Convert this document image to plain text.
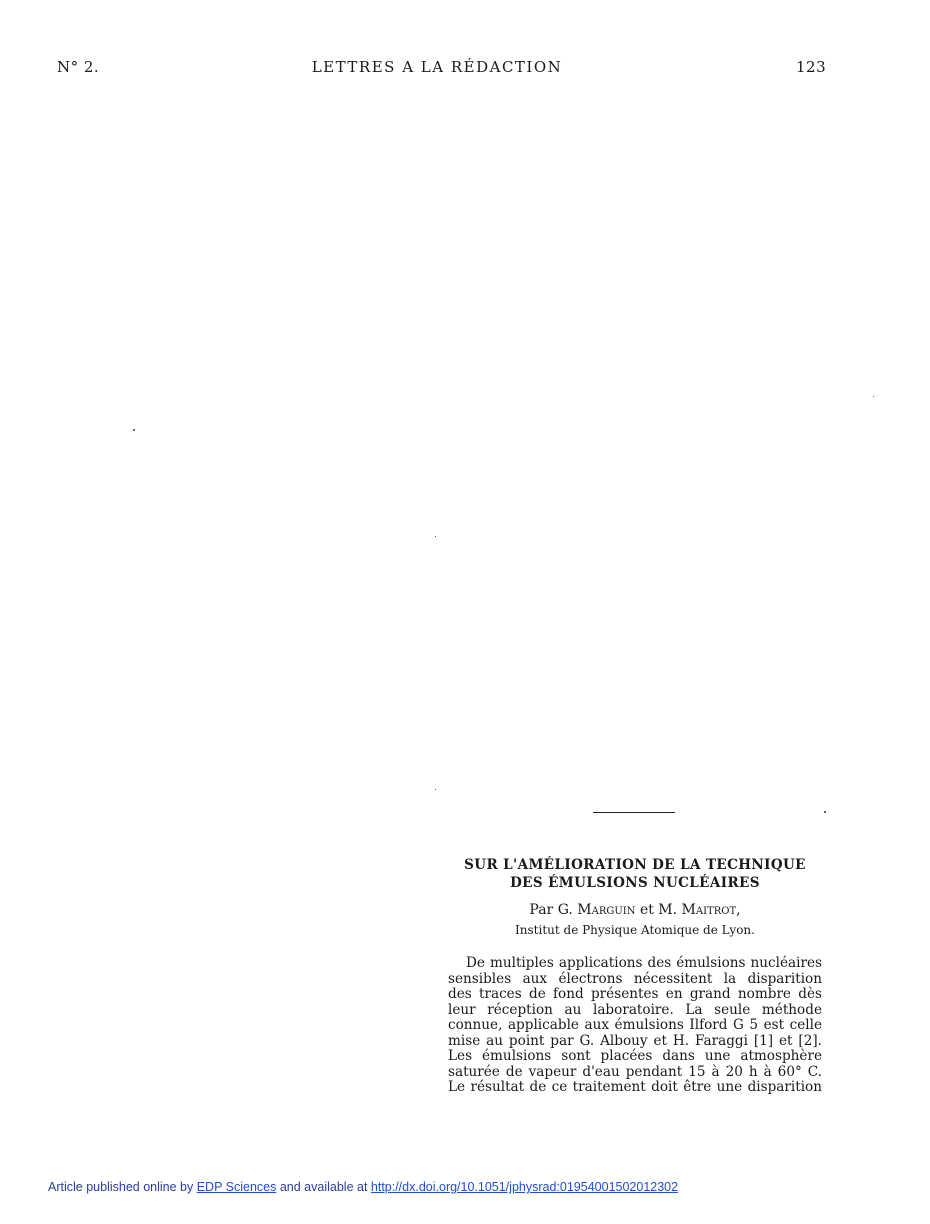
N° 2.	LETTRES A LA RÉDACTION	123
SUR L'AMÉLIORATION DE LA TECHNIQUE
DES ÉMULSIONS NUCLÉAIRES
Par G. Marguin et M. Maitrot,
Institut de Physique Atomique de Lyon.
De multiples applications des émulsions nucléaires
sensibles aux électrons nécessitent la disparition
des traces de fond présentes en grand nombre dès
leur réception au laboratoire. La seule méthode
connue, applicable aux émulsions Ilford G 5 est celle
mise au point par G. Albouy et H. Faraggi [1] et [2].
Les émulsions sont placées dans une atmosphère
saturée de vapeur d'eau pendant 15 à 20 h à 60° C.
Le résultat de ce traitement doit être une disparition
Article published online by EDP Sciences and available at http://dx.doi.org/10.1051/jphysrad:01954001502012302
